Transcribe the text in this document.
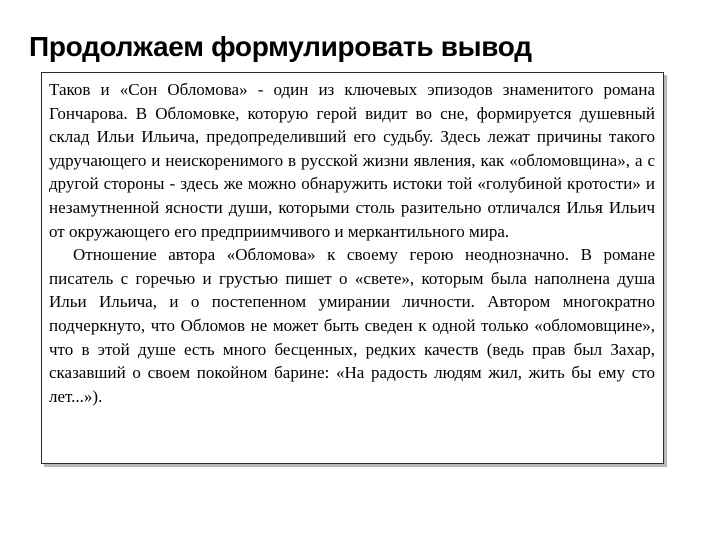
Продолжаем формулировать вывод

Таков и «Сон Обломова» - один из ключевых эпизодов знаменитого романа Гончарова. В Обломовке, которую герой видит во сне, формируется душевный склад Ильи Ильича, предопределивший его судьбу. Здесь лежат причины такого удручающего и неискоренимого в русской жизни явления, как «обломовщина», а с другой стороны - здесь же можно обнаружить истоки той «голубиной кротости» и незамутненной ясности души, которыми столь разительно отличался Илья Ильич от окружающего его предприимчивого и меркантильного мира.

Отношение автора «Обломова» к своему герою неоднозначно. В романе писатель с горечью и грустью пишет о «свете», которым была наполнена душа Ильи Ильича, и о постепенном умирании личности. Автором многократно подчеркнуто, что Обломов не может быть сведен к одной только «обломовщине», что в этой душе есть много бесценных, редких качеств (ведь прав был Захар, сказавший о своем покойном барине: «На радость людям жил, жить бы ему сто лет...»).
